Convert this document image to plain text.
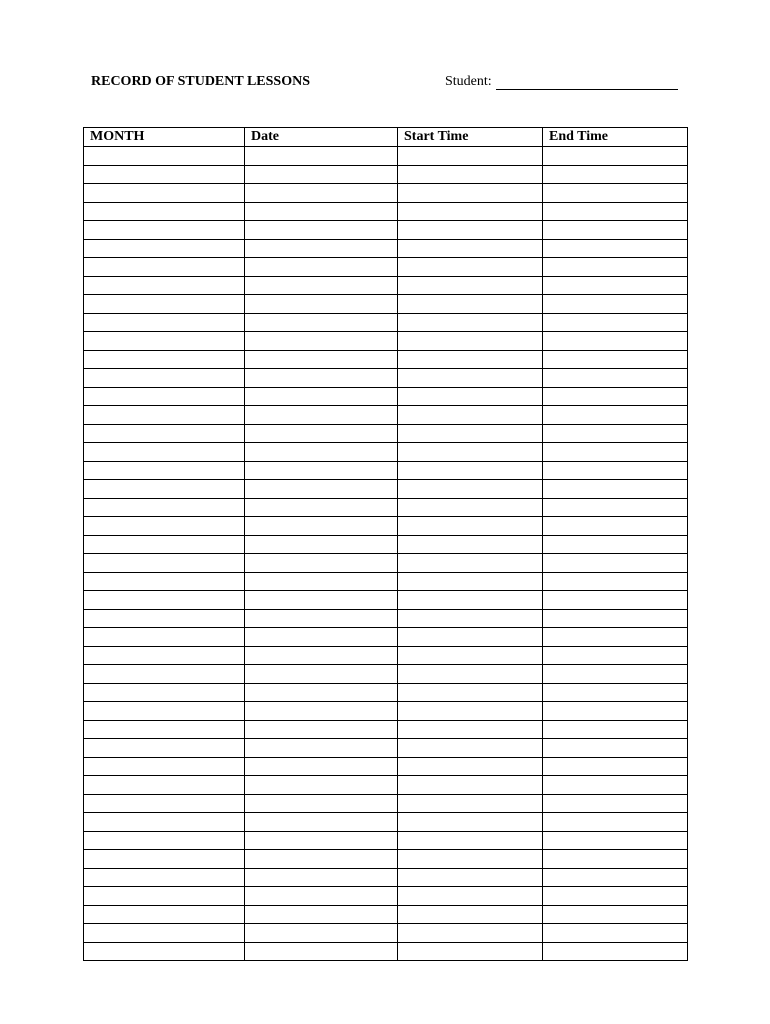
RECORD OF STUDENT LESSONS	Student:
MONTH	Date	Start Time	End Time
